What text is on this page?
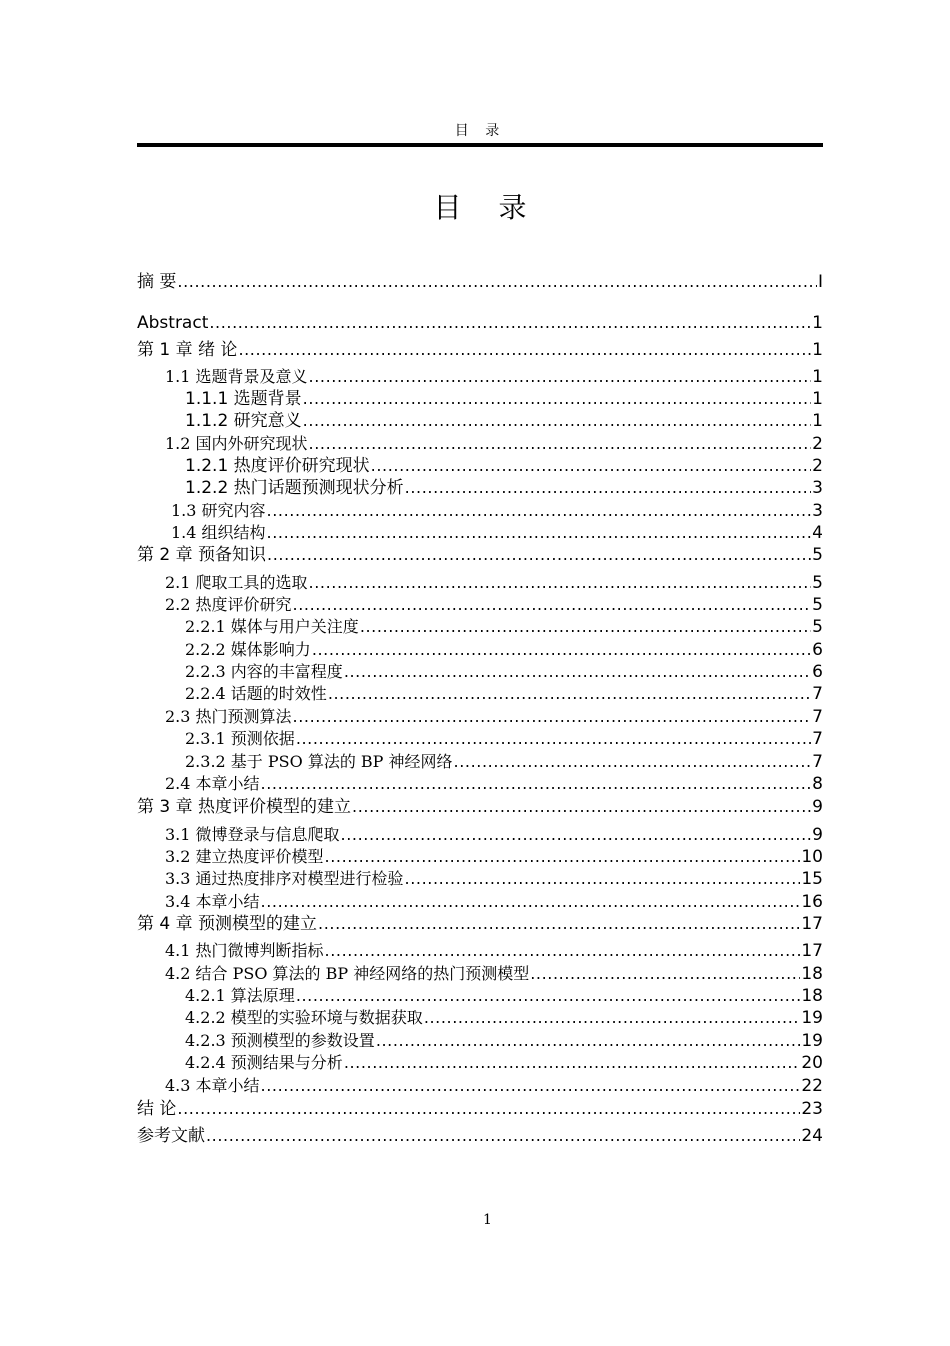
目 录
目 录
摘 要 .....	I
Abstract .....	1
第 1 章 绪 论 .....	1
1.1 选题背景及意义 .....	1
1.1.1 选题背景 .....	1
1.1.2 研究意义 .....	1
1.2 国内外研究现状 .....	2
1.2.1 热度评价研究现状 .....	2
1.2.2 热门话题预测现状分析 .....	3
1.3 研究内容 .....	3
1.4 组织结构 .....	4
第 2 章 预备知识 .....	5
2.1 爬取工具的选取 .....	5
2.2 热度评价研究 .....	5
2.2.1 媒体与用户关注度 .....	5
2.2.2 媒体影响力 .....	6
2.2.3 内容的丰富程度 .....	6
2.2.4 话题的时效性 .....	7
2.3 热门预测算法 .....	7
2.3.1 预测依据 .....	7
2.3.2 基于 PSO 算法的 BP 神经网络 .....	7
2.4 本章小结 .....	8
第 3 章 热度评价模型的建立 .....	9
3.1 微博登录与信息爬取 .....	9
3.2 建立热度评价模型 .....	10
3.3 通过热度排序对模型进行检验 .....	15
3.4 本章小结 .....	16
第 4 章 预测模型的建立 .....	17
4.1 热门微博判断指标 .....	17
4.2 结合 PSO 算法的 BP 神经网络的热门预测模型 .....	18
4.2.1 算法原理 .....	18
4.2.2 模型的实验环境与数据获取 .....	19
4.2.3 预测模型的参数设置 .....	19
4.2.4 预测结果与分析 .....	20
4.3 本章小结 .....	22
结 论 .....	23
参考文献 .....	24
1
